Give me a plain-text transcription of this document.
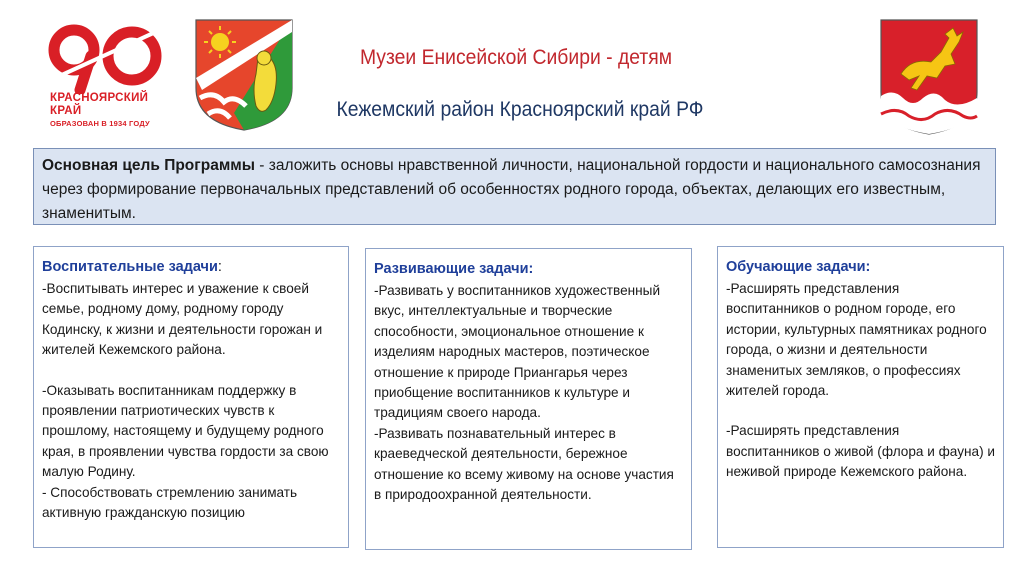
КРАСНОЯРСКИЙ
КРАЙ
ОБРАЗОВАН В 1934 ГОДУ
Музеи Енисейской Сибири - детям
Кежемский район Красноярский край РФ
Основная цель Программы - заложить основы нравственной личности, национальной гордости и национального самосознания через формирование первоначальных представлений об особенностях родного города, объектах, делающих его известным, знаменитым.
Воспитательные задачи:

-Воспитывать интерес и уважение к своей семье, родному дому, родному городу Кодинску, к жизни и деятельности горожан и жителей Кежемского района.

-Оказывать воспитанникам поддержку в проявлении патриотических чувств к прошлому, настоящему и будущему родного края, в проявлении чувства гордости за свою малую Родину.

- Способствовать стремлению занимать активную гражданскую позицию

Развивающие задачи:

-Развивать у воспитанников художественный вкус, интеллектуальные и творческие способности, эмоциональное отношение к изделиям народных мастеров, поэтическое отношение к природе Приангарья через приобщение воспитанников к культуре и традициям своего народа.

-Развивать познавательный интерес в краеведческой деятельности, бережное отношение ко всему живому на основе участия в природоохранной деятельности.

Обучающие задачи:

-Расширять представления воспитанников о родном городе, его истории, культурных памятниках родного города, о жизни и деятельности знаменитых земляков, о профессиях жителей города.

-Расширять представления воспитанников о живой (флора и фауна) и неживой природе Кежемского района.
